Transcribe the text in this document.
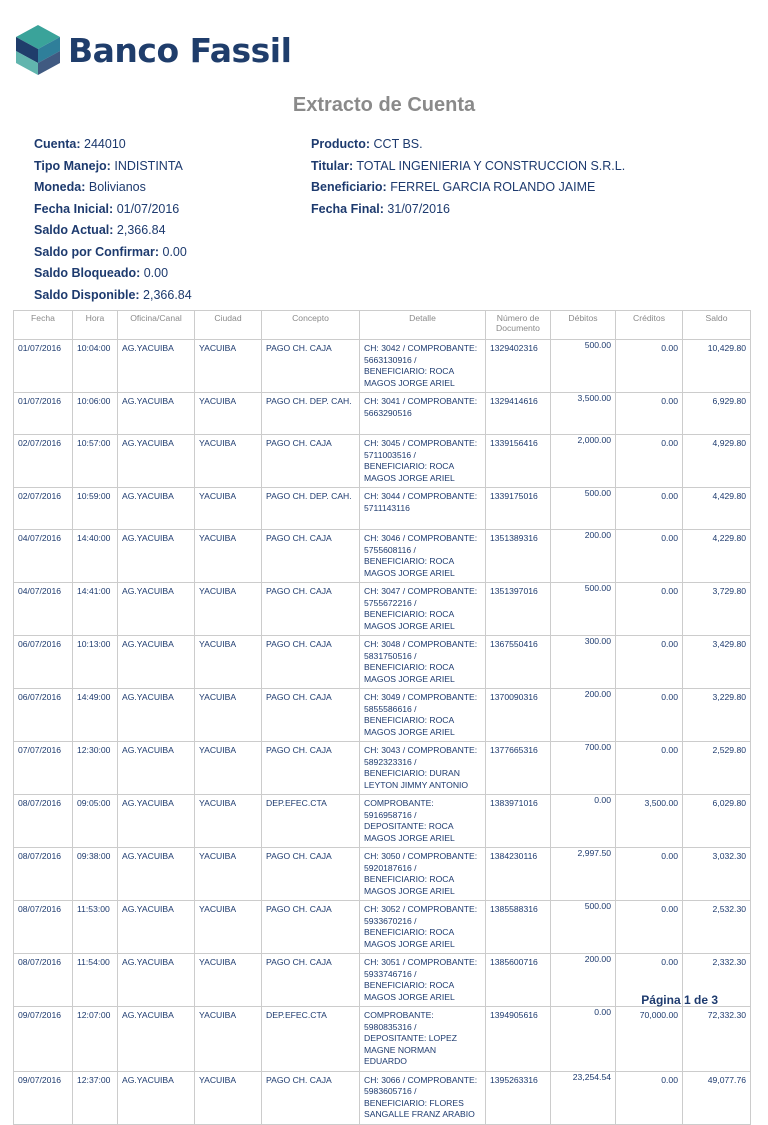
Banco Fassil
Extracto de Cuenta
Cuenta: 244010
Tipo Manejo: INDISTINTA
Moneda: Bolivianos
Fecha Inicial: 01/07/2016
Saldo Actual: 2,366.84
Saldo por Confirmar: 0.00
Saldo Bloqueado: 0.00
Saldo Disponible: 2,366.84
Producto: CCT BS.
Titular: TOTAL INGENIERIA Y CONSTRUCCION S.R.L.
Beneficiario: FERREL GARCIA ROLANDO JAIME
Fecha Final: 31/07/2016
Fecha	Hora	Oficina/Canal	Ciudad	Concepto	Detalle	Número de Documento	Débitos	Créditos	Saldo
01/07/2016	10:04:00	AG.YACUIBA	YACUIBA	PAGO CH. CAJA	CH: 3042 / COMPROBANTE: 5663130916 / BENEFICIARIO: ROCA MAGOS JORGE ARIEL	1329402316	500.00	0.00	10,429.80
01/07/2016	10:06:00	AG.YACUIBA	YACUIBA	PAGO CH. DEP. CAH.	CH: 3041 / COMPROBANTE: 5663290516	1329414616	3,500.00	0.00	6,929.80
02/07/2016	10:57:00	AG.YACUIBA	YACUIBA	PAGO CH. CAJA	CH: 3045 / COMPROBANTE: 5711003516 / BENEFICIARIO: ROCA MAGOS JORGE ARIEL	1339156416	2,000.00	0.00	4,929.80
02/07/2016	10:59:00	AG.YACUIBA	YACUIBA	PAGO CH. DEP. CAH.	CH: 3044 / COMPROBANTE: 5711143116	1339175016	500.00	0.00	4,429.80
04/07/2016	14:40:00	AG.YACUIBA	YACUIBA	PAGO CH. CAJA	CH: 3046 / COMPROBANTE: 5755608116 / BENEFICIARIO: ROCA MAGOS JORGE ARIEL	1351389316	200.00	0.00	4,229.80
04/07/2016	14:41:00	AG.YACUIBA	YACUIBA	PAGO CH. CAJA	CH: 3047 / COMPROBANTE: 5755672216 / BENEFICIARIO: ROCA MAGOS JORGE ARIEL	1351397016	500.00	0.00	3,729.80
06/07/2016	10:13:00	AG.YACUIBA	YACUIBA	PAGO CH. CAJA	CH: 3048 / COMPROBANTE: 5831750516 / BENEFICIARIO: ROCA MAGOS JORGE ARIEL	1367550416	300.00	0.00	3,429.80
06/07/2016	14:49:00	AG.YACUIBA	YACUIBA	PAGO CH. CAJA	CH: 3049 / COMPROBANTE: 5855586616 / BENEFICIARIO: ROCA MAGOS JORGE ARIEL	1370090316	200.00	0.00	3,229.80
07/07/2016	12:30:00	AG.YACUIBA	YACUIBA	PAGO CH. CAJA	CH: 3043 / COMPROBANTE: 5892323316 / BENEFICIARIO: DURAN LEYTON JIMMY ANTONIO	1377665316	700.00	0.00	2,529.80
08/07/2016	09:05:00	AG.YACUIBA	YACUIBA	DEP.EFEC.CTA	COMPROBANTE: 5916958716 / DEPOSITANTE: ROCA MAGOS JORGE ARIEL	1383971016	0.00	3,500.00	6,029.80
08/07/2016	09:38:00	AG.YACUIBA	YACUIBA	PAGO CH. CAJA	CH: 3050 / COMPROBANTE: 5920187616 / BENEFICIARIO: ROCA MAGOS JORGE ARIEL	1384230116	2,997.50	0.00	3,032.30
08/07/2016	11:53:00	AG.YACUIBA	YACUIBA	PAGO CH. CAJA	CH: 3052 / COMPROBANTE: 5933670216 / BENEFICIARIO: ROCA MAGOS JORGE ARIEL	1385588316	500.00	0.00	2,532.30
08/07/2016	11:54:00	AG.YACUIBA	YACUIBA	PAGO CH. CAJA	CH: 3051 / COMPROBANTE: 5933746716 / BENEFICIARIO: ROCA MAGOS JORGE ARIEL	1385600716	200.00	0.00	2,332.30
09/07/2016	12:07:00	AG.YACUIBA	YACUIBA	DEP.EFEC.CTA	COMPROBANTE: 5980835316 / DEPOSITANTE: LOPEZ MAGNE NORMAN EDUARDO	1394905616	0.00	70,000.00	72,332.30
09/07/2016	12:37:00	AG.YACUIBA	YACUIBA	PAGO CH. CAJA	CH: 3066 / COMPROBANTE: 5983605716 / BENEFICIARIO: FLORES SANGALLE FRANZ ARABIO	1395263316	23,254.54	0.00	49,077.76
Página 1 de 3
